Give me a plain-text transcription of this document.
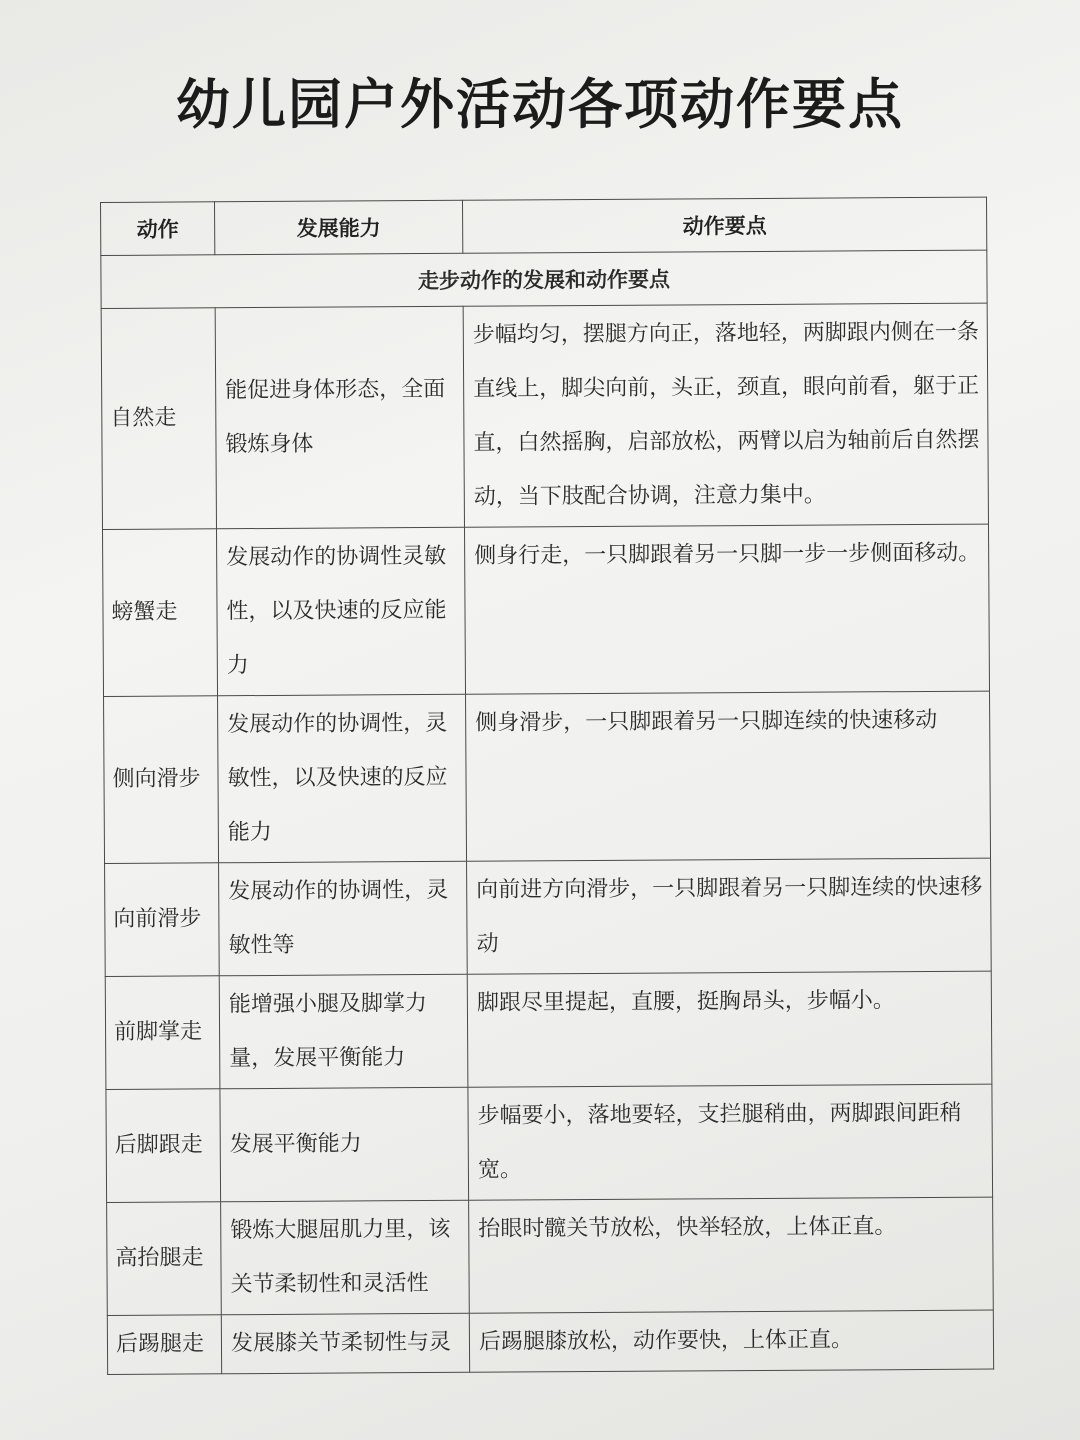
幼儿园户外活动各项动作要点
动作	发展能力	动作要点
走步动作的发展和动作要点		
自然走	能促进身体形态，全面锻炼身体	步幅均匀，摆腿方向正，落地轻，两脚跟内侧在一条直线上，脚尖向前，头正，颈直，眼向前看，躯于正直，白然摇胸，启部放松，两臂以启为轴前后自然摆动，当下肢配合协调，注意力集中。
螃蟹走	发展动作的协调性灵敏性，以及快速的反应能力	侧身行走，一只脚跟着另一只脚一步一步侧面移动。
侧向滑步	发展动作的协调性，灵敏性，以及快速的反应能力	侧身滑步，一只脚跟着另一只脚连续的快速移动
向前滑步	发展动作的协调性，灵敏性等	向前进方向滑步，一只脚跟着另一只脚连续的快速移动
前脚掌走	能增强小腿及脚掌力量，发展平衡能力	脚跟尽里提起，直腰，挺胸昂头，步幅小。
后脚跟走	发展平衡能力	步幅要小，落地要轻，支拦腿稍曲，两脚跟间距稍宽。
高抬腿走	锻炼大腿屈肌力里，该关节柔韧性和灵活性	抬眼时髋关节放松，快举轻放，上体正直。
后踢腿走	发展膝关节柔韧性与灵	后踢腿膝放松，动作要快，上体正直。
